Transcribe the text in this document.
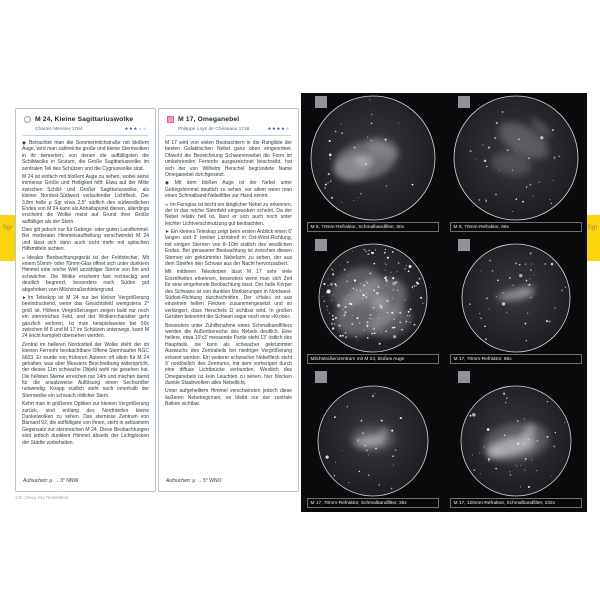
Sgr	Sgr
M 24, Kleine Sagittariuswolke
Charles Messier 1764	★★★★★

◉ Betrachtet man die Sommermilchstraße mit bloßem Auge, wird man zahlreiche große und kleine Sternwolken in ihr bemerken, von denen die auffälligsten die Schildwolke in Scutum, die Große Sagittariuswolke im zentralen Teil des Schützen und die Cygnuswolke sind.

M 24 ist einfach mit bloßem Auge zu sehen, wobei seine immense Größe und Helligkeit hilft: Etwa auf der Mitte zwischen Schild- und Großer Sagittariuswolke, als kleiner Nordost-Südwest verlaufender Lichtfleck. Der 3,8m helle μ Sgr etwa 2,5° südlich des südwestlichen Endes von M 24 kann als Anhaltspunkt dienen, allerdings erscheint die Wolke meist auf Grund ihrer Größe auffälliger als der Stern.

Dies gilt jedoch nur für Gebirgs- oder guten Landhimmel. Bei moderater Himmelsaufhellung verschwindet M 24 und lässt sich dann auch nicht mehr mit optischen Hilfsmitteln sichten.

∞ Ideales Beobachtungsgerät ist der Feldstecher. Mit einem 50mm- oder 70mm-Glas öffnet sich unter dunklem Himmel eine reiche Welt unzähliger Sterne von 6m und schwächer. Die Wolke erscheint fast rechteckig und deutlich begrenzt, besonders nach Süden gut abgehoben vom Milchstraßenhintergrund.

➤ Im Teleskop ist M 24 nur bei kleiner Vergrößerung beeindruckend, wenn das Gesichtsfeld wenigstens 2° groß ist. Höhere Vergrößerungen zeigen bald nur noch ein sternreiches Feld, und der Wolkencharakter geht gänzlich verloren. Ist man beispielsweise bei 50x zwischen M 8 und M 17 im Schützen unterwegs, kann M 24 leicht komplett übersehen werden.

Zentral im helleren Nordostteil der Wolke steht der im kleinen Fernrohr beobachtbare Offene Sternhaufen NGC 6603. Er wurde von früheren Autoren oft allein für M 24 gehalten, was aber Messiers Beschreibung widerspricht, der dieses 11m schwache Objekt wohl nie gesehen hat. Die hellsten Sterne erreichen nur 14m und machen damit für die ansatzweise Auflösung einen Sechszöller notwendig. Knapp südlich steht noch innerhalb der Sternwolke ein schwach rötlicher Stern.

Kehrt man in größeren Optiken zur kleinen Vergrößerung zurück, sind entlang des Nordrandes kleine Dunkelwolken zu sehen. Das sternlose Zentrum von Barnard 92, die auffälligste von ihnen, steht in seltsamem Gegensatz zur sternreichen M 24. Diese Beobachtungen sind jedoch dunklem Himmel abseits der Lichtglocken der Städte vorbehalten.

Aufsuchen: μ → 3° NNW
M 17, Omeganebel
Philippe Loys de Chéseaux 1746	★★★★★

M 17 wird von vielen Beobachtern in die Rangliste der besten Galaktischen Nebel ganz oben eingeordnet. Obwohl die Bezeichnung Schwanennebel die Form im umkehrenden Fernrohr ausgezeichnet beschreibt, hat sich der von Wilhelm Herschel begründete Name Omeganebel durchgesetzt.

◉ Mit dem bloßen Auge ist der Nebel unter Gebirgshimmel deutlich zu sehen, vor allem wenn man einen Schmalband-Nebelfilter zur Hand nimmt.

∞ Im Fernglas ist leicht ein länglicher Nebel zu erkennen, der in das reiche Sternfeld eingewoben scheint. Da der Nebel relativ hell ist, lässt er sich auch noch unter leichter Lichtverschmutzung gut beobachten.

➤ Ein kleines Teleskop zeigt beim ersten Anblick einen 6' langen und 2' breiten Lichtstreif in Ost-West-Richtung, mit einigen Sternen von 8–10m südlich des westlichen Endes. Bei genauerer Beobachtung ist zwischen diesen Sternen ein gekrümmter Nebelarm zu sehen, der aus dem Streifen den Schwan aus der Nacht hervorzaubert.

Mit mittleren Teleskopen lässt M 17 sehr viele Einzelheiten erkennen, besonders wenn man sich Zeit für eine eingehende Beobachtung lässt. Der helle Körper des Schwans ist von dunklen Markierungen in Nordwest-Südost-Richtung durchschnitten. Der »Hals« ist aus einzelnen hellen Flecken zusammengesetzt und so verlängert, dass Herschels Ω sichtbar wird. In großen Geräten bekommt der Schwan sogar noch eine »Krone«.

Besonders unter Zuhilfenahme eines Schmalbandfilters werden die Außenbereiche des Nebels deutlich. Eine hellere, etwa 10'x3' messende Partie steht 13' östlich des Hauptteils, sie kann als schwacher gekrümmter Auswuchs des Zentralteils bei niedriger Vergrößerung erkannt werden. Ein weiterer schwacher Nebelfleck steht 9' nordöstlich des Zentrums, mit dem vorherigen durch eine diffuse Lichtbrücke verbunden. Westlich des Omeganebels ist kein Leuchten zu sehen, hier blocken dunkle Staubwolken alles Nebellicht.

Unter aufgehelltem Himmel verschwinden jedoch diese äußeren Nebelregionen, es bleibt nur der zentrale Balken sichtbar.

Aufsuchen: μ → 5° WNO
132 | Deep Sky Reiseführer
M 8, 70mm-Refraktor, Schmalbandfilter, 50x	M 8, 70mm-Refraktor, 66x
Milchstraßenzentrum mit M 24, bloßes Auge	M 17, 70mm-Refraktor, 66x
M 17, 70mm-Refraktor, Schmalbandfilter, 36x	M 17, 120mm-Refraktor, Schmalbandfilter, 102x
